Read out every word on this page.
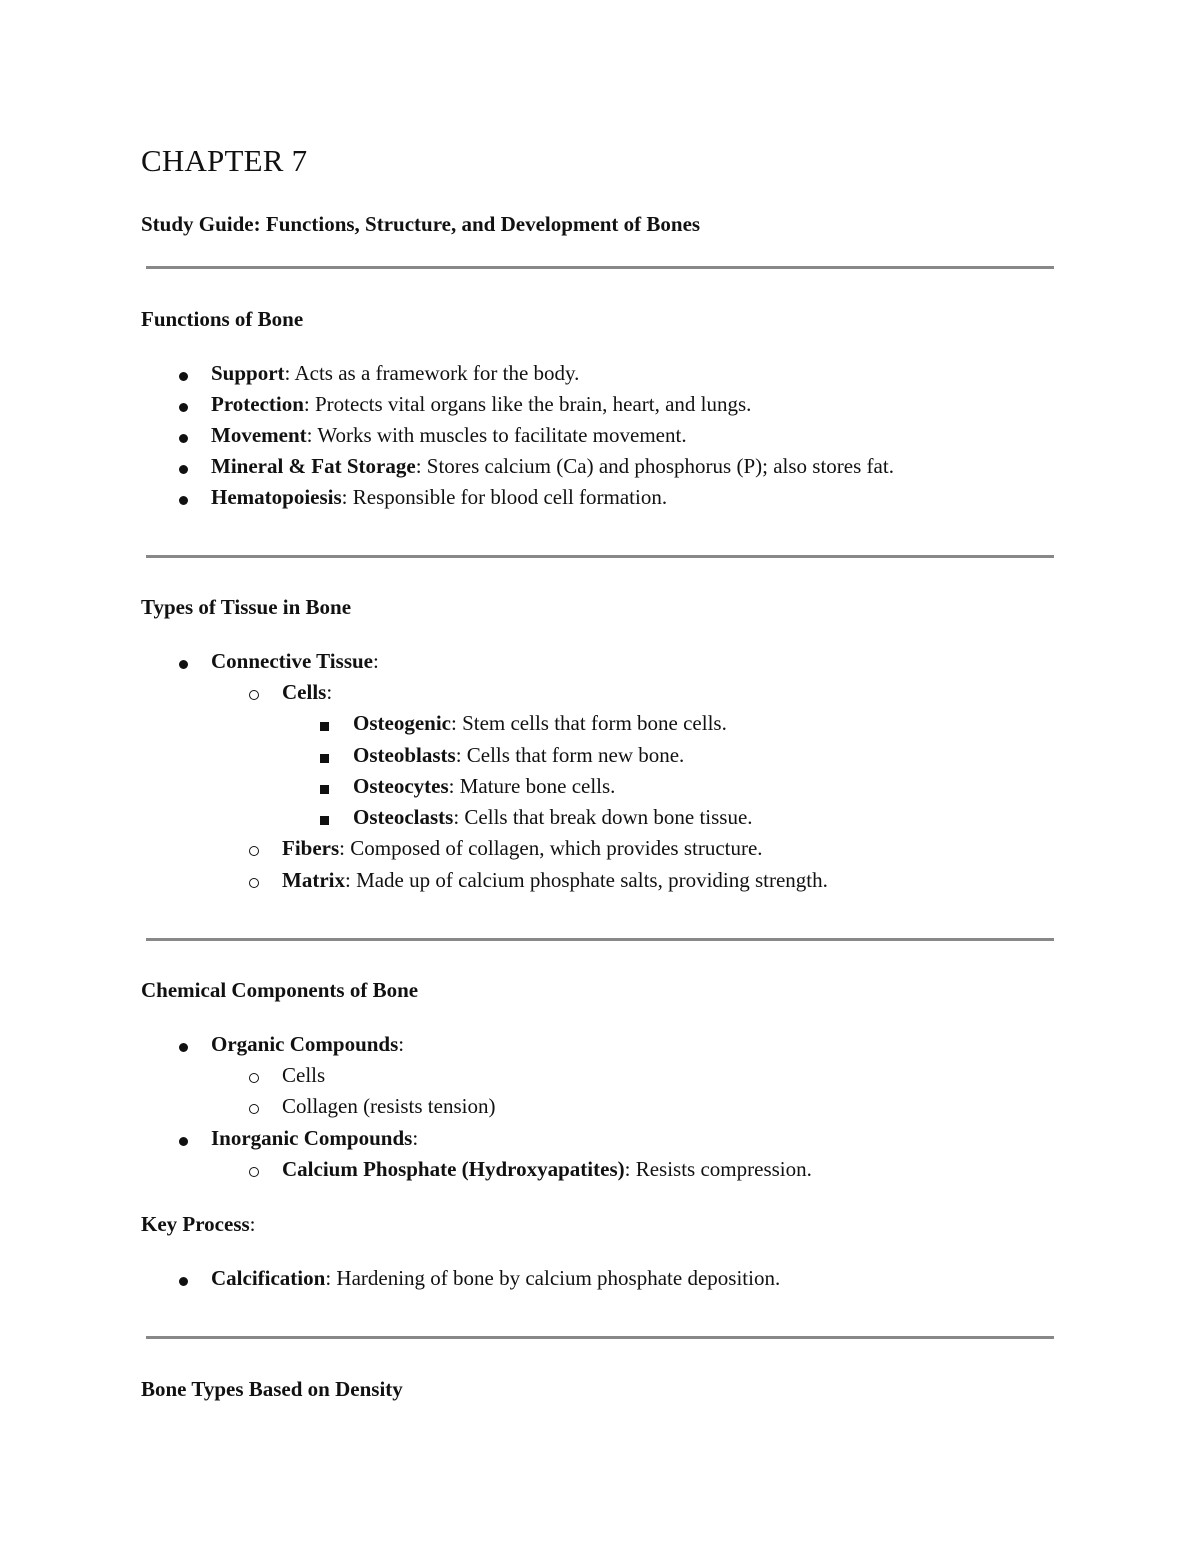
CHAPTER 7
Study Guide: Functions, Structure, and Development of Bones
Functions of Bone
Support: Acts as a framework for the body.
Protection: Protects vital organs like the brain, heart, and lungs.
Movement: Works with muscles to facilitate movement.
Mineral & Fat Storage: Stores calcium (Ca) and phosphorus (P); also stores fat.
Hematopoiesis: Responsible for blood cell formation.
Types of Tissue in Bone
Connective Tissue:
Cells:
Osteogenic: Stem cells that form bone cells.
Osteoblasts: Cells that form new bone.
Osteocytes: Mature bone cells.
Osteoclasts: Cells that break down bone tissue.
Fibers: Composed of collagen, which provides structure.
Matrix: Made up of calcium phosphate salts, providing strength.
Chemical Components of Bone
Organic Compounds:
Cells
Collagen (resists tension)
Inorganic Compounds:
Calcium Phosphate (Hydroxyapatites): Resists compression.
Key Process:
Calcification: Hardening of bone by calcium phosphate deposition.
Bone Types Based on Density
